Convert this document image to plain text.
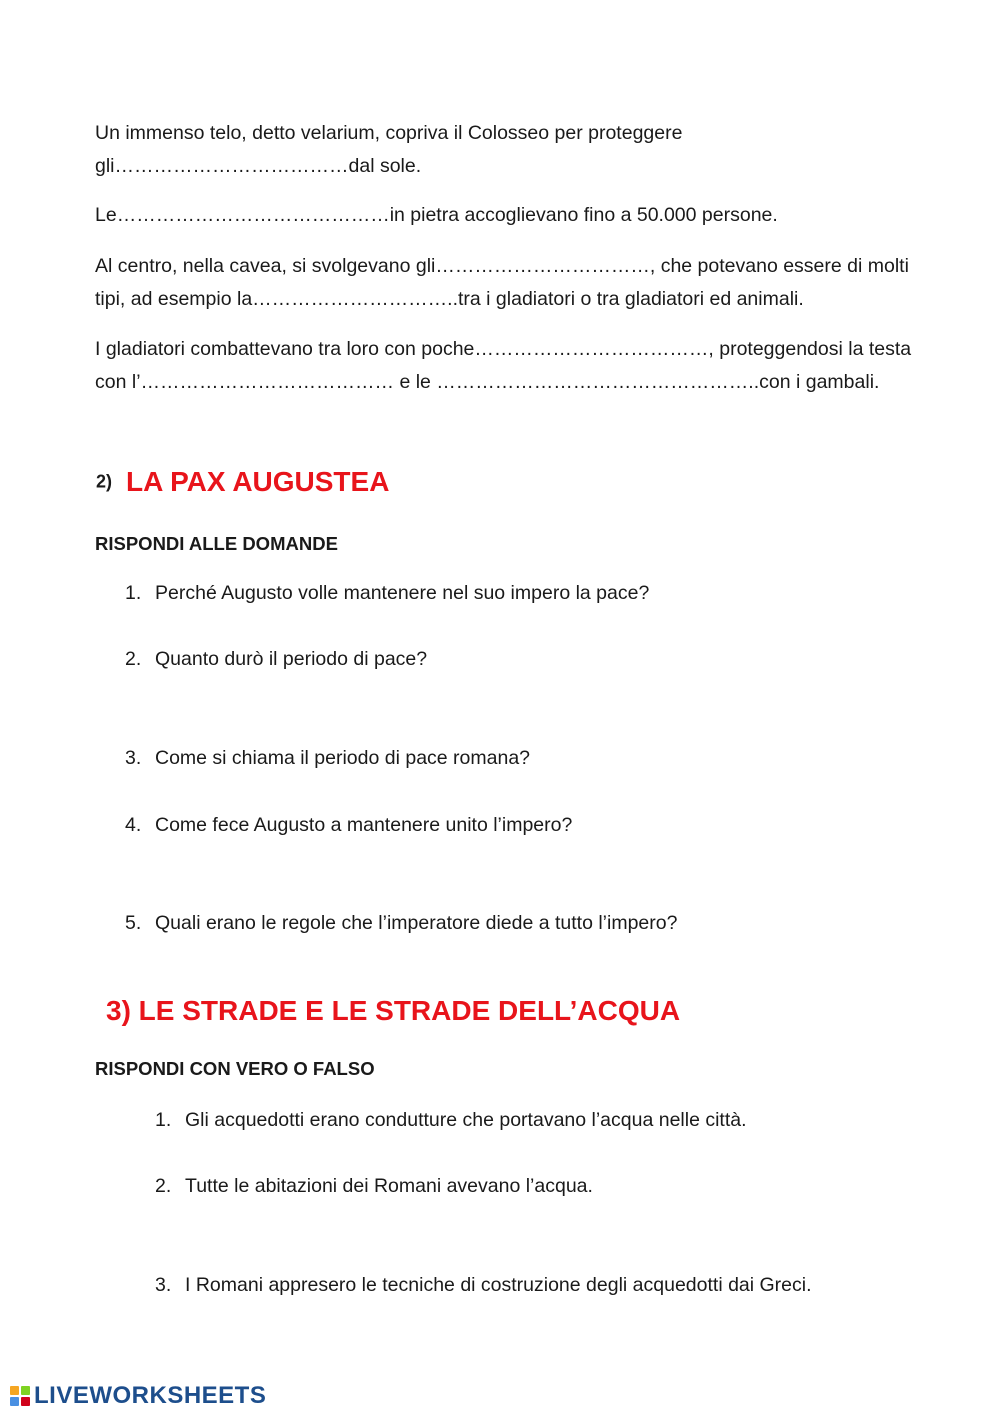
Un immenso telo, detto velarium, copriva il Colosseo per proteggere gli………………………………dal sole.

Le……………………………………in pietra accoglievano fino a 50.000 persone.

Al centro, nella cavea, si svolgevano gli……………………………, che potevano essere di molti tipi, ad esempio la…………………………..tra i gladiatori o tra gladiatori ed animali.

I gladiatori combattevano tra loro con poche………………………………, proteggendosi la testa con l’………………………………… e le …………………………………………..con i gambali.

2) LA PAX AUGUSTEA

RISPONDI ALLE DOMANDE

1. Perché Augusto volle mantenere nel suo impero la pace?

2. Quanto durò il periodo di pace?

3. Come si chiama il periodo di pace romana?

4. Come fece Augusto a mantenere unito l’impero?

5. Quali erano le regole che l’imperatore diede a tutto l’impero?

3) LE STRADE E LE STRADE DELL’ACQUA

RISPONDI CON VERO O FALSO

1. Gli acquedotti erano condutture che portavano l’acqua nelle città.

2. Tutte le abitazioni dei Romani avevano l’acqua.

3. I Romani appresero le tecniche di costruzione degli acquedotti dai Greci.

LIVEWORKSHEETS
